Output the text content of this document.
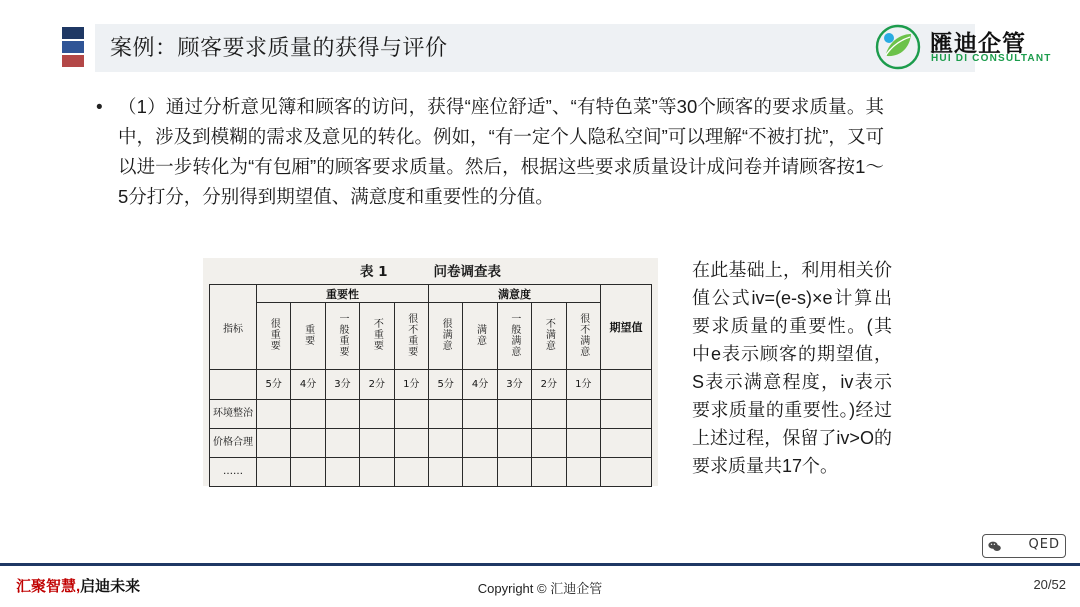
案例：顾客要求质量的获得与评价	匯迪企管
HUI DI CONSULTANT
• （1）通过分析意见簿和顾客的访问，获得“座位舒适”、“有特色菜”等30个顾客的要求质量。其中，涉及到模糊的需求及意见的转化。例如，“有一定个人隐私空间”可以理解“不被打扰”，又可以进一步转化为“有包厢”的顾客要求质量。然后，根据这些要求质量设计成问卷并请顾客按1～5分打分，分别得到期望值、满意度和重要性的分值。
表 1	问卷调查表
指标	重要性					满意度					期望值
	很重要	重要	一般重要	不重要	很不重要	很满意	满意	一般满意	不满意	很不满意	
	5分	4分	3分	2分	1分	5分	4分	3分	2分	1分	
环境整治											
价格合理											
……											
在此基础上，利用相关价值公式iv=(e-s)×e计算出要求质量的重要性。(其中e表示顾客的期望值，S表示满意程度，iv表示要求质量的重要性。)经过上述过程，保留了iv>O的要求质量共17个。
QED
汇聚智慧,启迪未来	Copyright © 汇迪企管	20/52
